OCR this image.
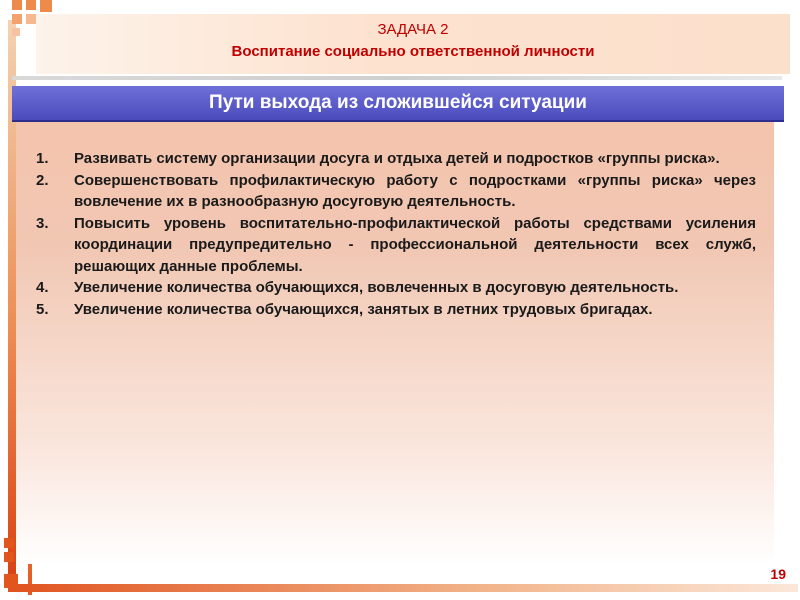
ЗАДАЧА 2
Воспитание социально ответственной личности
Пути выхода из сложившейся ситуации
1. Развивать систему организации досуга и отдыха детей и подростков «группы риска».
2. Совершенствовать профилактическую работу с подростками «группы риска» через вовлечение их в разнообразную досуговую деятельность.
3. Повысить уровень воспитательно-профилактической работы средствами усиления координации предупредительно - профессиональной деятельности всех служб, решающих данные проблемы.
4. Увеличение количества обучающихся, вовлеченных в досуговую деятельность.
5. Увеличение количества обучающихся, занятых в летних трудовых бригадах.
19
